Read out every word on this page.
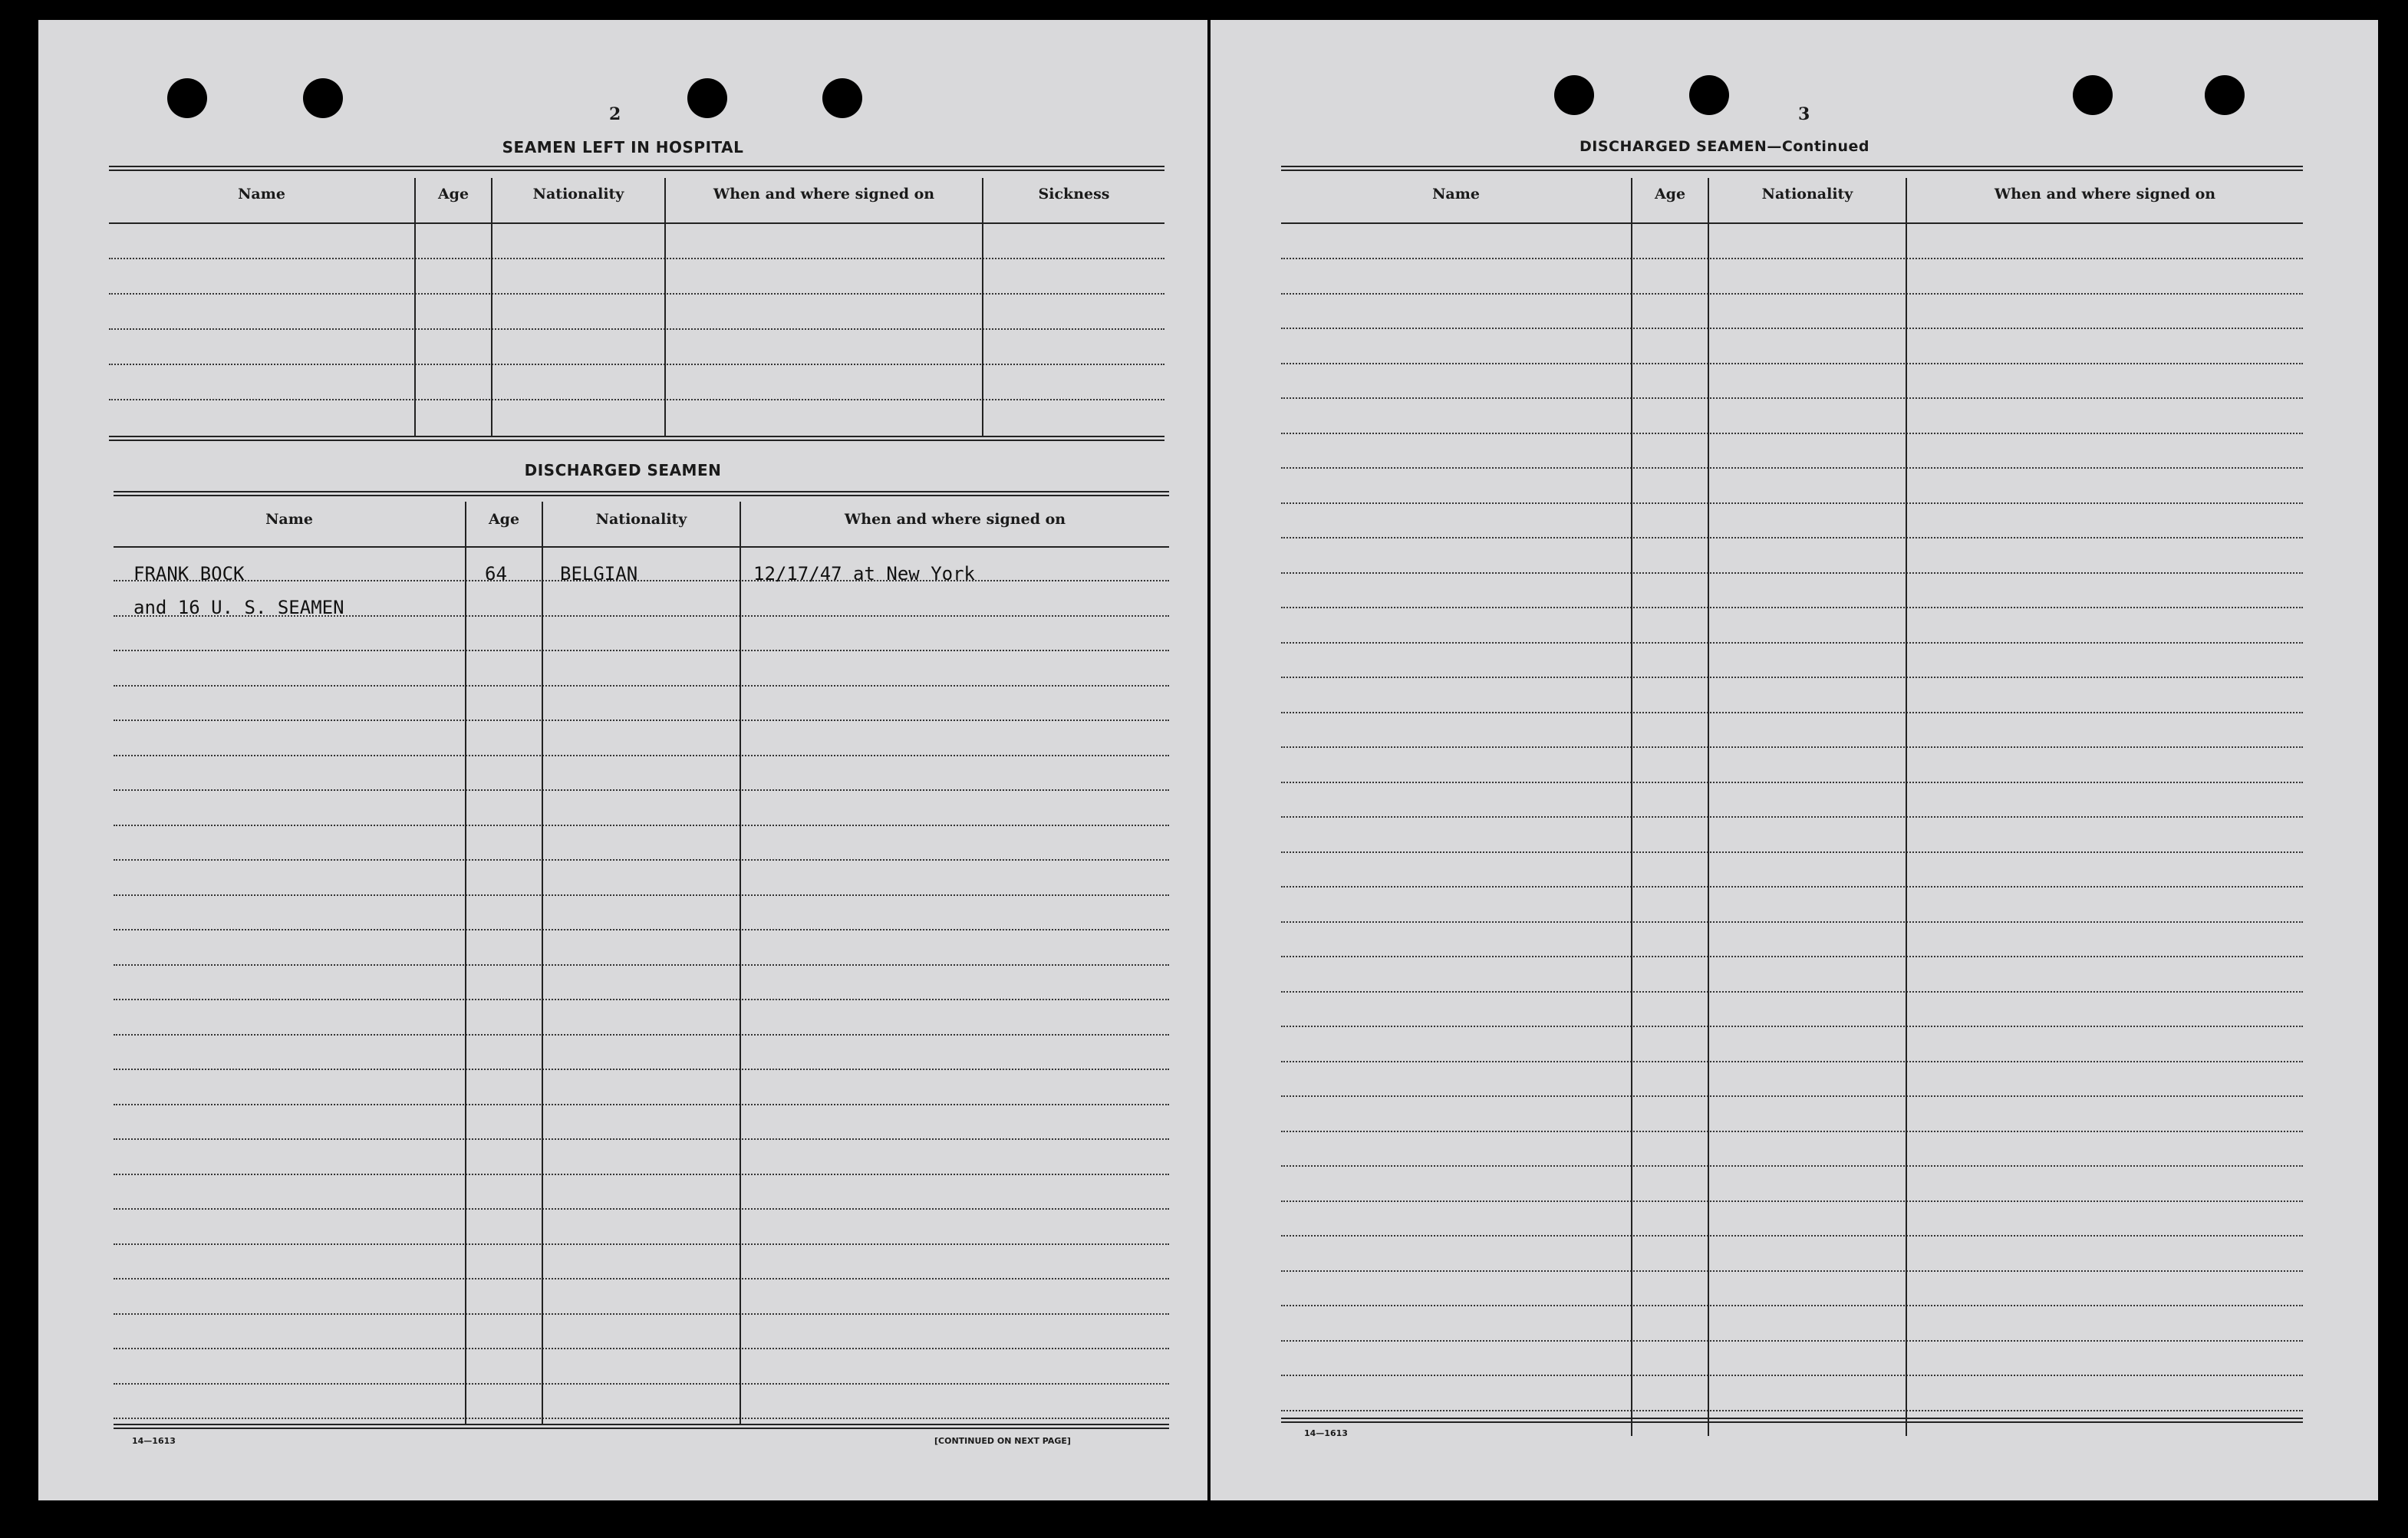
2
SEAMEN LEFT IN HOSPITAL
Name	Age	Nationality	When and where signed on	Sickness
DISCHARGED SEAMEN
Name	Age	Nationality	When and where signed on
FRANK BOCK	64	BELGIAN	12/17/47 at New York
and 16 U. S. SEAMEN
14—1613	[CONTINUED ON NEXT PAGE]
3
DISCHARGED SEAMEN—Continued
Name	Age	Nationality	When and where signed on
14—1613
